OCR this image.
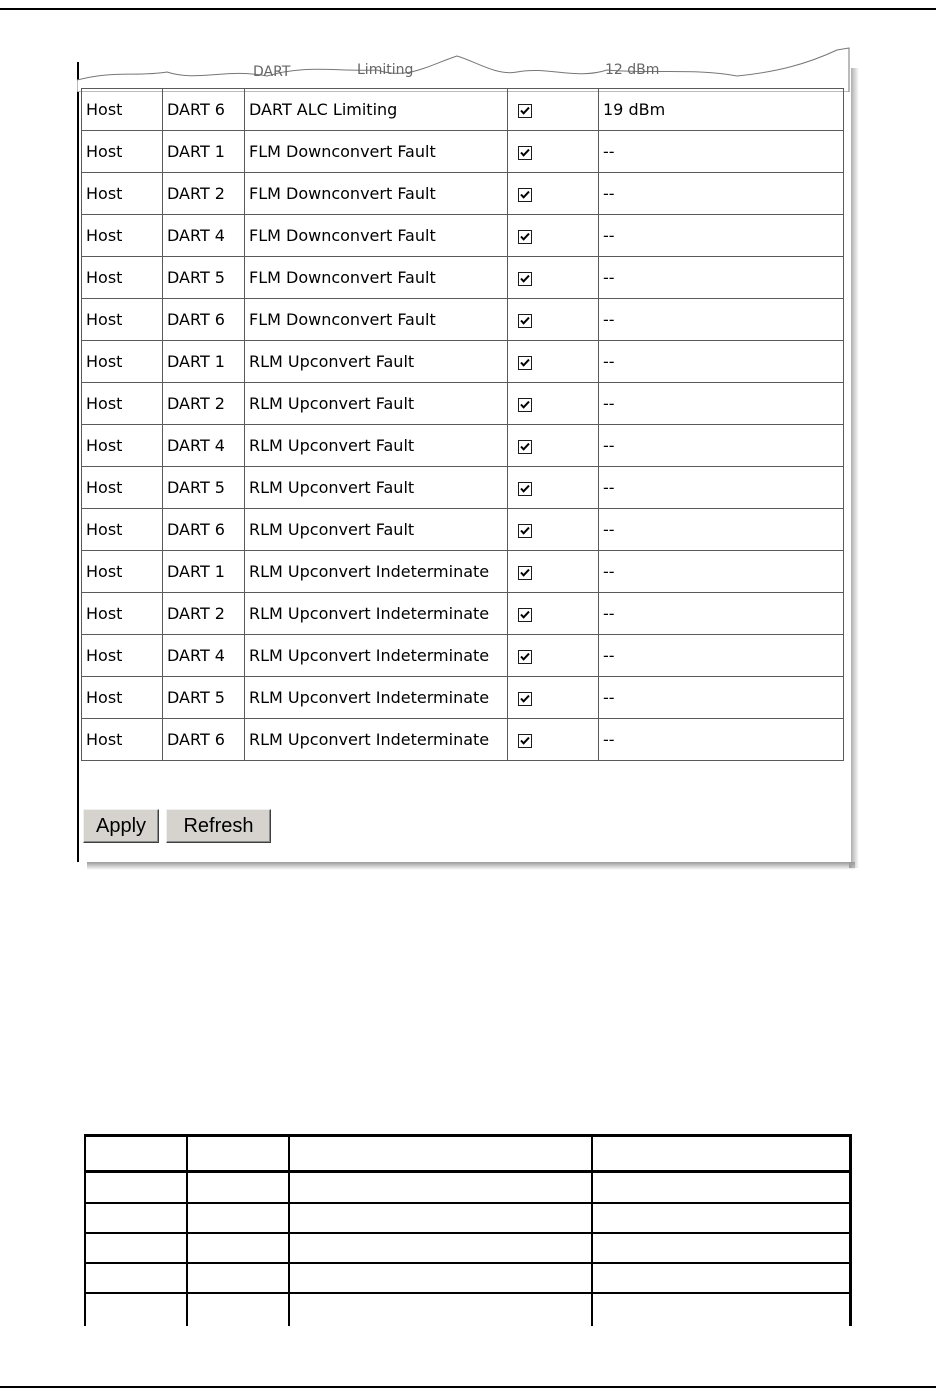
DART	Limiting	12 dBm
Host	DART 6	DART ALC Limiting		19 dBm
Host	DART 1	FLM Downconvert Fault		--
Host	DART 2	FLM Downconvert Fault		--
Host	DART 4	FLM Downconvert Fault		--
Host	DART 5	FLM Downconvert Fault		--
Host	DART 6	FLM Downconvert Fault		--
Host	DART 1	RLM Upconvert Fault		--
Host	DART 2	RLM Upconvert Fault		--
Host	DART 4	RLM Upconvert Fault		--
Host	DART 5	RLM Upconvert Fault		--
Host	DART 6	RLM Upconvert Fault		--
Host	DART 1	RLM Upconvert Indeterminate		--
Host	DART 2	RLM Upconvert Indeterminate		--
Host	DART 4	RLM Upconvert Indeterminate		--
Host	DART 5	RLM Upconvert Indeterminate		--
Host	DART 6	RLM Upconvert Indeterminate		--
Apply	Refresh
